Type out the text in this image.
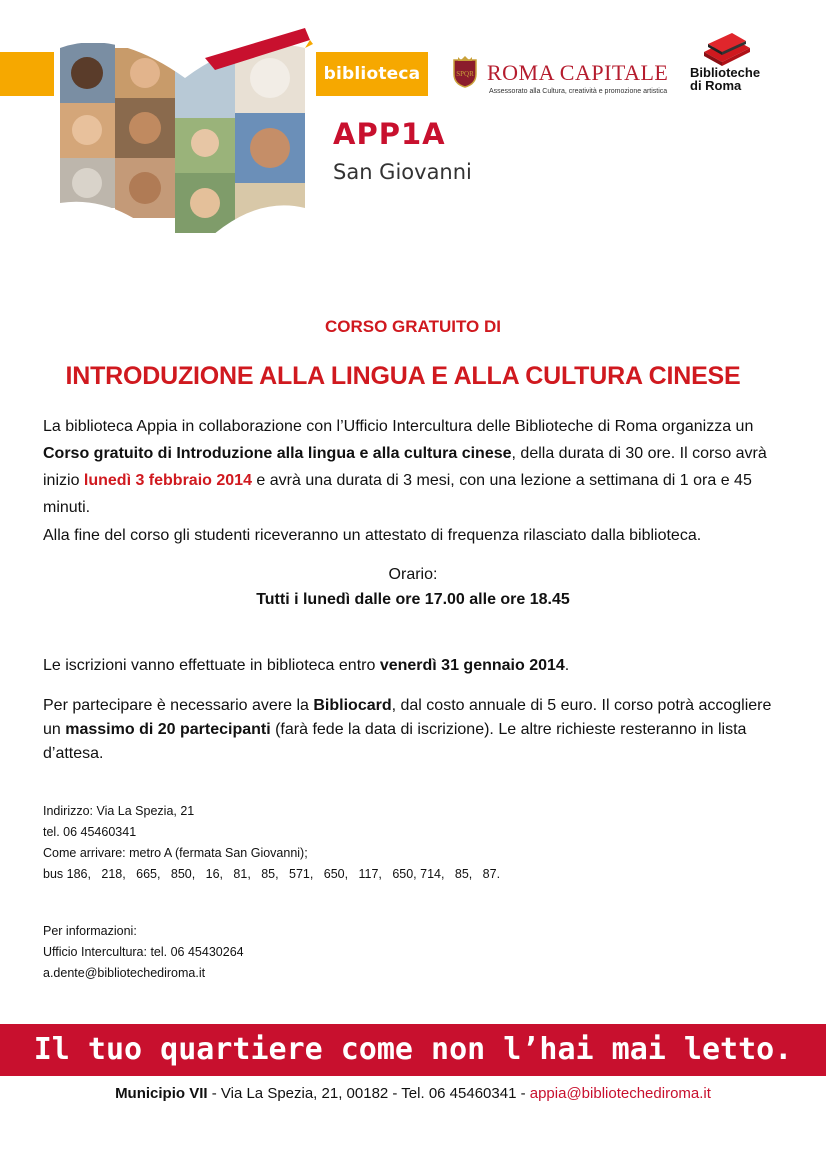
biblioteca
APP1A
San Giovanni
SPQR ROMA CAPITALE
Assessorato alla Cultura, creatività e promozione artistica
Biblioteche
di Roma
CORSO GRATUITO DI
INTRODUZIONE ALLA LINGUA E ALLA CULTURA CINESE
La biblioteca Appia in collaborazione con l’Ufficio Intercultura delle Biblioteche di Roma organizza un Corso gratuito di Introduzione alla lingua e alla cultura cinese, della durata di 30 ore. Il corso avrà inizio lunedì 3 febbraio 2014 e avrà una durata di 3 mesi, con una lezione a settimana di 1 ora e 45 minuti.
Alla fine del corso gli studenti riceveranno un attestato di frequenza rilasciato dalla biblioteca.
Orario:
Tutti i lunedì dalle ore 17.00 alle ore 18.45
Le iscrizioni vanno effettuate in biblioteca entro venerdì 31 gennaio 2014.
Per partecipare è necessario avere la Bibliocard, dal costo annuale di 5 euro. Il corso potrà accogliere un massimo di 20 partecipanti (farà fede la data di iscrizione). Le altre richieste resteranno in lista d’attesa.
Indirizzo: Via La Spezia, 21
tel. 06 45460341
Come arrivare: metro A (fermata San Giovanni);
bus 186,   218,   665,   850,   16,   81,   85,   571,   650,   117,   650, 714,   85,   87.
Per informazioni:
Ufficio Intercultura: tel. 06 45430264
a.dente@bibliotechediroma.it
Il tuo quartiere come non l’hai mai letto.
Municipio VII - Via La Spezia, 21, 00182 - Tel. 06 45460341 - appia@bibliotechediroma.it
